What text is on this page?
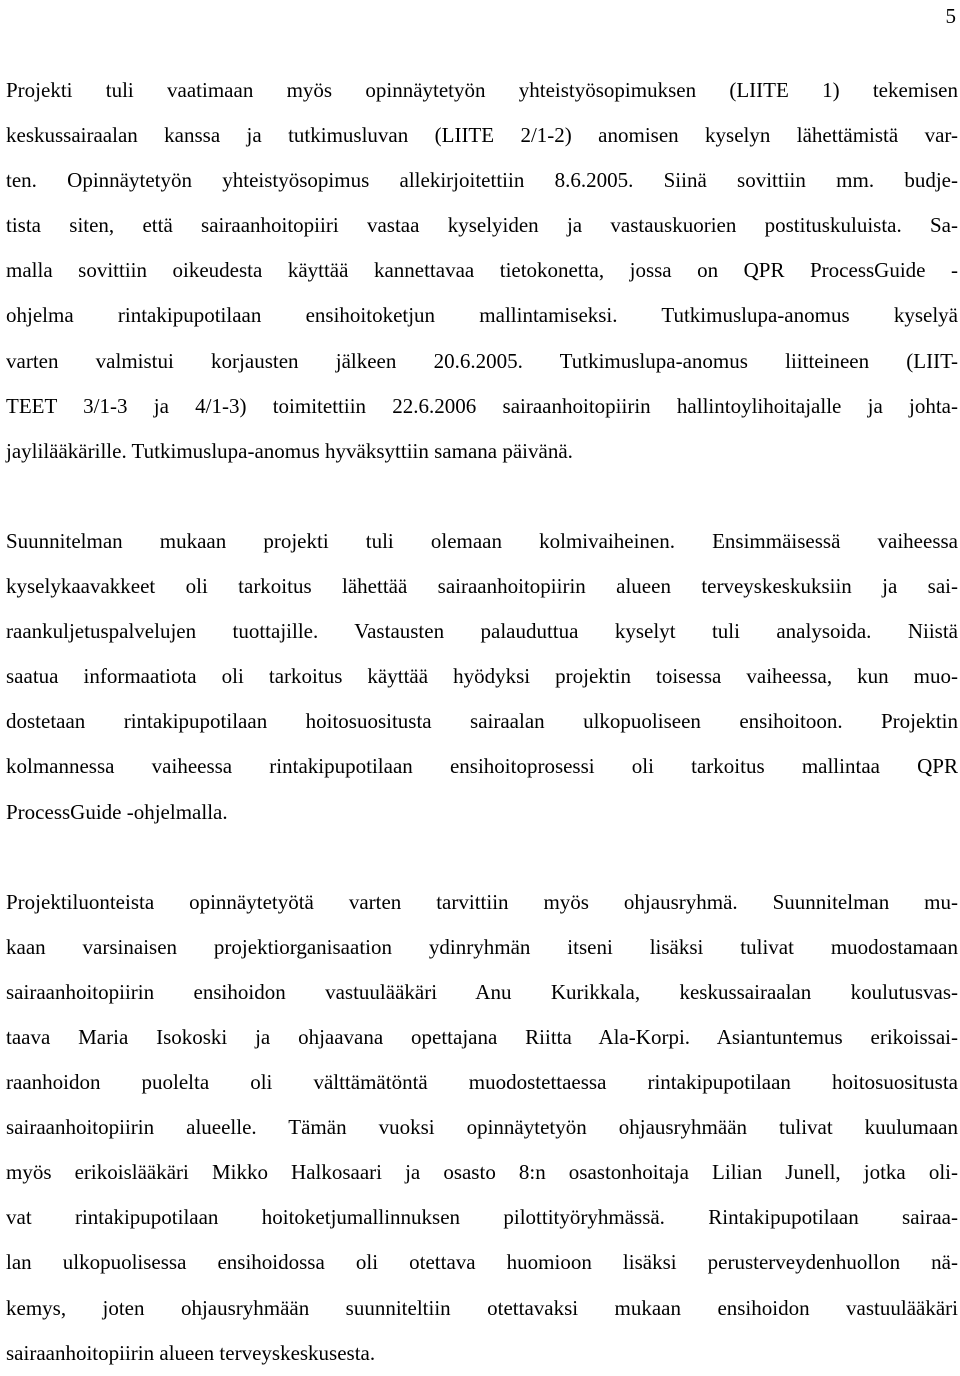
5

Projekti tuli vaatimaan myös opinnäytetyön yhteistyösopimuksen (LIITE 1) tekemisen
keskussairaalan kanssa ja tutkimusluvan (LIITE 2/1-2) anomisen kyselyn lähettämistä var-
ten. Opinnäytetyön yhteistyösopimus allekirjoitettiin 8.6.2005. Siinä sovittiin mm. budje-
tista siten, että sairaanhoitopiiri vastaa kyselyiden ja vastauskuorien postituskuluista. Sa-
malla sovittiin oikeudesta käyttää kannettavaa tietokonetta, jossa on QPR ProcessGuide -
ohjelma rintakipupotilaan ensihoitoketjun mallintamiseksi. Tutkimuslupa-anomus kyselyä
varten valmistui korjausten jälkeen 20.6.2005. Tutkimuslupa-anomus liitteineen (LIIT-
TEET 3/1-3 ja 4/1-3) toimitettiin 22.6.2006 sairaanhoitopiirin hallintoylihoitajalle ja johta-
jaylilääkärille. Tutkimuslupa-anomus hyväksyttiin samana päivänä.

Suunnitelman mukaan projekti tuli olemaan kolmivaiheinen. Ensimmäisessä vaiheessa
kyselykaavakkeet oli tarkoitus lähettää sairaanhoitopiirin alueen terveyskeskuksiin ja sai-
raankuljetuspalvelujen tuottajille. Vastausten palauduttua kyselyt tuli analysoida. Niistä
saatua informaatiota oli tarkoitus käyttää hyödyksi projektin toisessa vaiheessa, kun muo-
dostetaan rintakipupotilaan hoitosuositusta sairaalan ulkopuoliseen ensihoitoon. Projektin
kolmannessa vaiheessa rintakipupotilaan ensihoitoprosessi oli tarkoitus mallintaa QPR
ProcessGuide -ohjelmalla.

Projektiluonteista opinnäytetyötä varten tarvittiin myös ohjausryhmä. Suunnitelman mu-
kaan varsinaisen projektiorganisaation ydinryhmän itseni lisäksi tulivat muodostamaan
sairaanhoitopiirin ensihoidon vastuulääkäri Anu Kurikkala, keskussairaalan koulutusvas-
taava Maria Isokoski ja ohjaavana opettajana Riitta Ala-Korpi. Asiantuntemus erikoissai-
raanhoidon puolelta oli välttämätöntä muodostettaessa rintakipupotilaan hoitosuositusta
sairaanhoitopiirin alueelle. Tämän vuoksi opinnäytetyön ohjausryhmään tulivat kuulumaan
myös erikoislääkäri Mikko Halkosaari ja osasto 8:n osastonhoitaja Lilian Junell, jotka oli-
vat rintakipupotilaan hoitoketjumallinnuksen pilottityöryhmässä. Rintakipupotilaan sairaa-
lan ulkopuolisessa ensihoidossa oli otettava huomioon lisäksi perusterveydenhuollon nä-
kemys, joten ohjausryhmään suunniteltiin otettavaksi mukaan ensihoidon vastuulääkäri
sairaanhoitopiirin alueen terveyskeskusesta.
